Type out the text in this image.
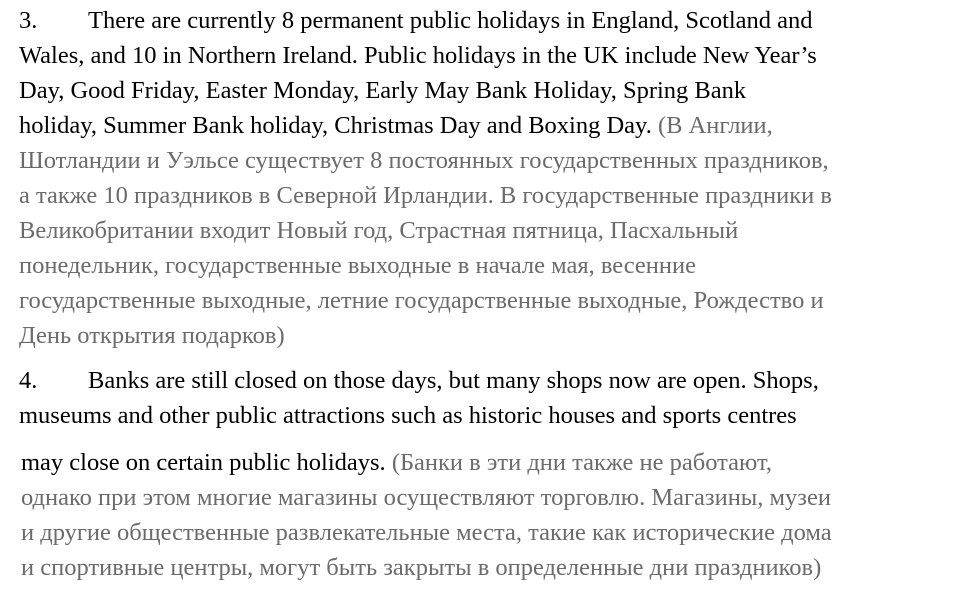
3. There are currently 8 permanent public holidays in England, Scotland and
Wales, and 10 in Northern Ireland. Public holidays in the UK include New Year’s
Day, Good Friday, Easter Monday, Early May Bank Holiday, Spring Bank
holiday, Summer Bank holiday, Christmas Day and Boxing Day. (В Англии,
Шотландии и Уэльсе существует 8 постоянных государственных праздников,
а также 10 праздников в Северной Ирландии. В государственные праздники в
Великобритании входит Новый год, Страстная пятница, Пасхальный
понедельник, государственные выходные в начале мая, весенние
государственные выходные, летние государственные выходные, Рождество и
День открытия подарков)
4. Banks are still closed on those days, but many shops now are open. Shops,
museums and other public attractions such as historic houses and sports centres
may close on certain public holidays. (Банки в эти дни также не работают,
однако при этом многие магазины осуществляют торговлю. Магазины, музеи
и другие общественные развлекательные места, такие как исторические дома
и спортивные центры, могут быть закрыты в определенные дни праздников)
